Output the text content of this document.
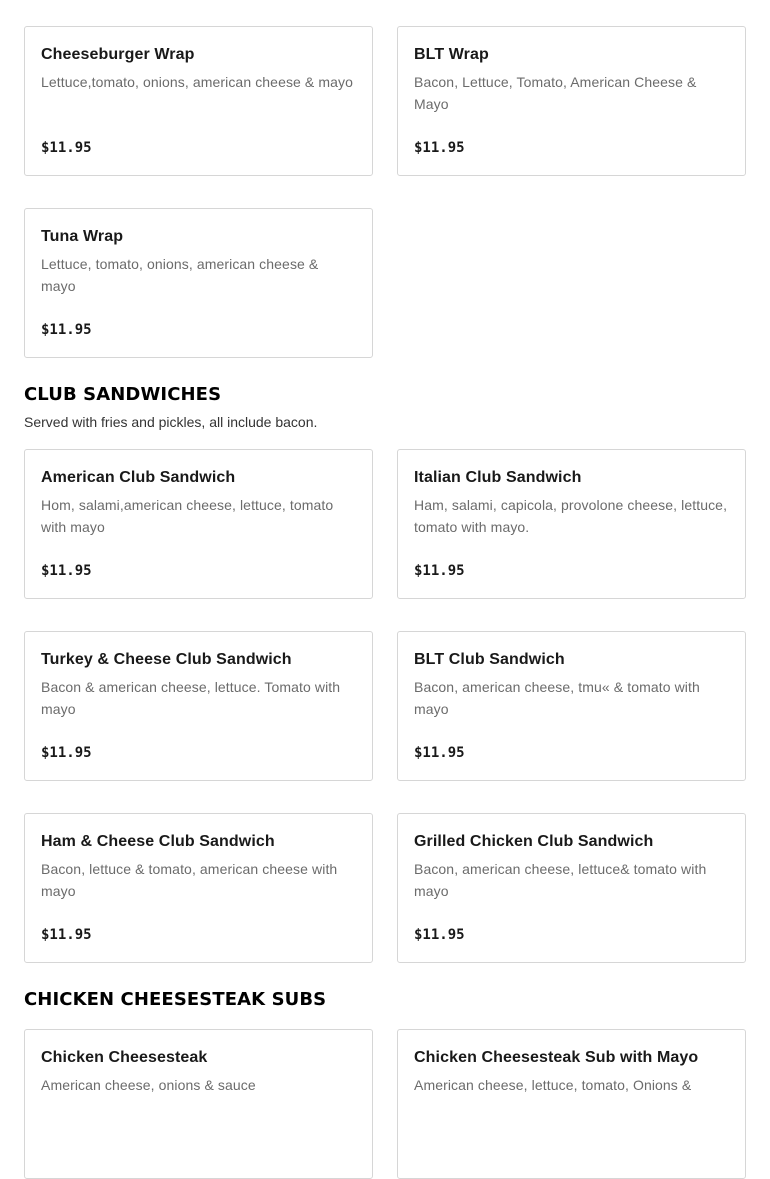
Cheeseburger Wrap
Lettuce,tomato, onions, american cheese & mayo
$11.95
BLT Wrap
Bacon, Lettuce, Tomato, American Cheese & Mayo
$11.95
Tuna Wrap
Lettuce, tomato, onions, american cheese & mayo
$11.95
CLUB SANDWICHES
Served with fries and pickles, all include bacon.
American Club Sandwich
Hom, salami,american cheese, lettuce, tomato with mayo
$11.95
Italian Club Sandwich
Ham, salami, capicola, provolone cheese, lettuce, tomato with mayo.
$11.95
Turkey & Cheese Club Sandwich
Bacon & american cheese, lettuce. Tomato with mayo
$11.95
BLT Club Sandwich
Bacon, american cheese, tmu« & tomato with mayo
$11.95
Ham & Cheese Club Sandwich
Bacon, lettuce & tomato, american cheese with mayo
$11.95
Grilled Chicken Club Sandwich
Bacon, american cheese, lettuce& tomato with mayo
$11.95
CHICKEN CHEESESTEAK SUBS
Chicken Cheesesteak
American cheese, onions & sauce
Chicken Cheesesteak Sub with Mayo
American cheese, lettuce, tomato, Onions &
